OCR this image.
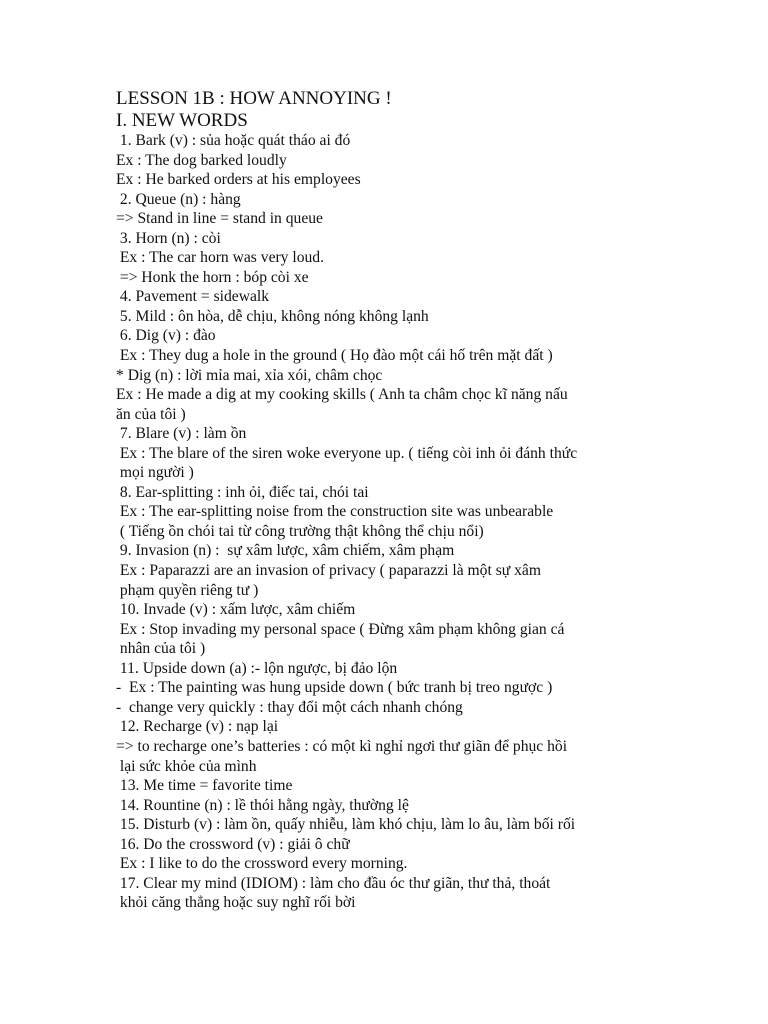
LESSON 1B : HOW ANNOYING !
I. NEW WORDS

1. Bark (v) : sủa hoặc quát tháo ai đó

Ex : The dog barked loudly

Ex : He barked orders at his employees

2. Queue (n) : hàng

=> Stand in line = stand in queue

3. Horn (n) : còi

Ex : The car horn was very loud.

=> Honk the horn : bóp còi xe

4. Pavement = sidewalk

5. Mild : ôn hòa, dễ chịu, không nóng không lạnh

6. Dig (v) : đào

Ex : They dug a hole in the ground ( Họ đào một cái hố trên mặt đất )

* Dig (n) : lời mỉa mai, xỉa xói, châm chọc

Ex : He made a dig at my cooking skills ( Anh ta châm chọc kĩ năng nấu

ăn của tôi )

7. Blare (v) : làm ồn

Ex : The blare of the siren woke everyone up. ( tiếng còi inh ỏi đánh thức

mọi người )

8. Ear-splitting : inh ỏi, điếc tai, chói tai

Ex : The ear-splitting noise from the construction site was unbearable

( Tiếng ồn chói tai từ công trường thật không thể chịu nổi)

9. Invasion (n) :  sự xâm lược, xâm chiếm, xâm phạm

Ex : Paparazzi are an invasion of privacy ( paparazzi là một sự xâm

phạm quyền riêng tư )

10. Invade (v) : xấm lược, xâm chiếm

Ex : Stop invading my personal space ( Đừng xâm phạm không gian cá

nhân của tôi )

11. Upside down (a) :- lộn ngược, bị đảo lộn

-  Ex : The painting was hung upside down ( bức tranh bị treo ngược )

-  change very quickly : thay đổi một cách nhanh chóng

12. Recharge (v) : nạp lại

=> to recharge one’s batteries : có một kì nghỉ ngơi thư giãn để phục hồi

lại sức khỏe của mình

13. Me time = favorite time

14. Rountine (n) : lề thói hằng ngày, thường lệ

15. Disturb (v) : làm ồn, quấy nhiễu, làm khó chịu, làm lo âu, làm bối rối

16. Do the crossword (v) : giải ô chữ

Ex : I like to do the crossword every morning.

17. Clear my mind (IDIOM) : làm cho đầu óc thư giãn, thư thả, thoát

khỏi căng thẳng hoặc suy nghĩ rối bời
